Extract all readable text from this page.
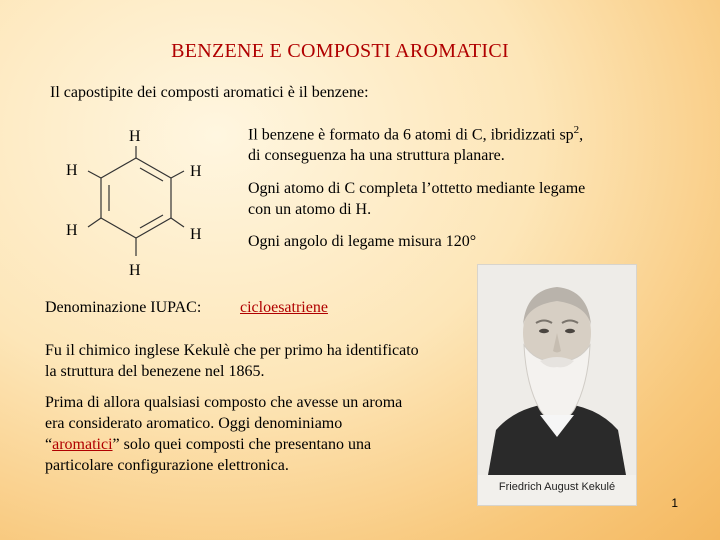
BENZENE E COMPOSTI AROMATICI
Il capostipite dei composti aromatici è il benzene:
H
H	H
H	H
H
Il benzene è formato da 6 atomi di C, ibridizzati $sp^2$,
di conseguenza ha una struttura planare.
Ogni atomo di C completa l’ottetto mediante legame
con un atomo di H.
Ogni angolo di legame misura 120°
Denominazione IUPAC: cicloesatriene
Fu il chimico inglese Kekulè che per primo ha identificato
la struttura del benezene nel 1865.
Prima di allora qualsiasi composto che avesse un aroma
era considerato aromatico. Oggi denominiamo
“aromatici” solo quei composti che presentano una
particolare configurazione elettronica.
Friedrich August Kekulé
1
